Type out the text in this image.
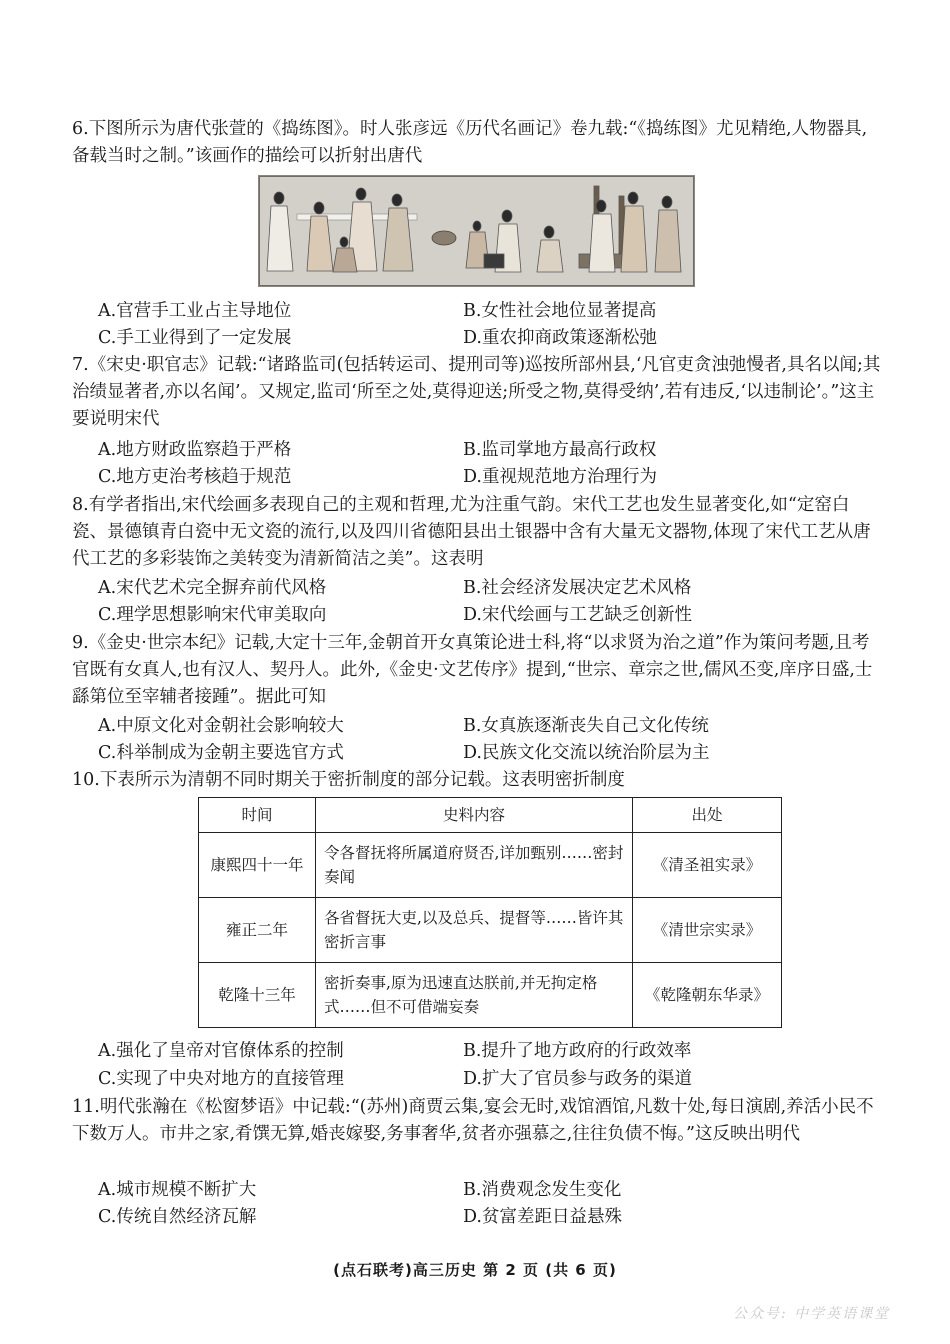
6.下图所示为唐代张萱的《捣练图》。时人张彦远《历代名画记》卷九载:“《捣练图》尤见精绝,人物器具,备载当时之制。”该画作的描绘可以折射出唐代

A.官营手工业占主导地位	B.女性社会地位显著提高
C.手工业得到了一定发展	D.重农抑商政策逐渐松弛

7.《宋史·职官志》记载:“诸路监司(包括转运司、提刑司等)巡按所部州县,‘凡官吏贪浊弛慢者,具名以闻;其治绩显著者,亦以名闻’。又规定,监司‘所至之处,莫得迎送;所受之物,莫得受纳’,若有违反,‘以违制论’。”这主要说明宋代

A.地方财政监察趋于严格	B.监司掌地方最高行政权
C.地方吏治考核趋于规范	D.重视规范地方治理行为

8.有学者指出,宋代绘画多表现自己的主观和哲理,尤为注重气韵。宋代工艺也发生显著变化,如“定窑白瓷、景德镇青白瓷中无文瓷的流行,以及四川省德阳县出土银器中含有大量无文器物,体现了宋代工艺从唐代工艺的多彩装饰之美转变为清新简洁之美”。这表明

A.宋代艺术完全摒弃前代风格	B.社会经济发展决定艺术风格
C.理学思想影响宋代审美取向	D.宋代绘画与工艺缺乏创新性

9.《金史·世宗本纪》记载,大定十三年,金朝首开女真策论进士科,将“以求贤为治之道”作为策问考题,且考官既有女真人,也有汉人、契丹人。此外,《金史·文艺传序》提到,“世宗、章宗之世,儒风丕变,庠序日盛,士繇第位至宰辅者接踵”。据此可知

A.中原文化对金朝社会影响较大	B.女真族逐渐丧失自己文化传统
C.科举制成为金朝主要选官方式	D.民族文化交流以统治阶层为主

10.下表所示为清朝不同时期关于密折制度的部分记载。这表明密折制度

时间	史料内容	出处
康熙四十一年	令各督抚将所属道府贤否,详加甄别……密封奏闻	《清圣祖实录》
雍正二年	各省督抚大吏,以及总兵、提督等……皆许其密折言事	《清世宗实录》
乾隆十三年	密折奏事,原为迅速直达朕前,并无拘定格式……但不可借端妄奏	《乾隆朝东华录》
A.强化了皇帝对官僚体系的控制	B.提升了地方政府的行政效率
C.实现了中央对地方的直接管理	D.扩大了官员参与政务的渠道

11.明代张瀚在《松窗梦语》中记载:“(苏州)商贾云集,宴会无时,戏馆酒馆,凡数十处,每日演剧,养活小民不下数万人。市井之家,肴馔无算,婚丧嫁娶,务事奢华,贫者亦强慕之,往往负债不悔。”这反映出明代

A.城市规模不断扩大	B.消费观念发生变化
C.传统自然经济瓦解	D.贫富差距日益悬殊
(点石联考)高三历史 第 2 页 (共 6 页)
公众号: 中学英语课堂
